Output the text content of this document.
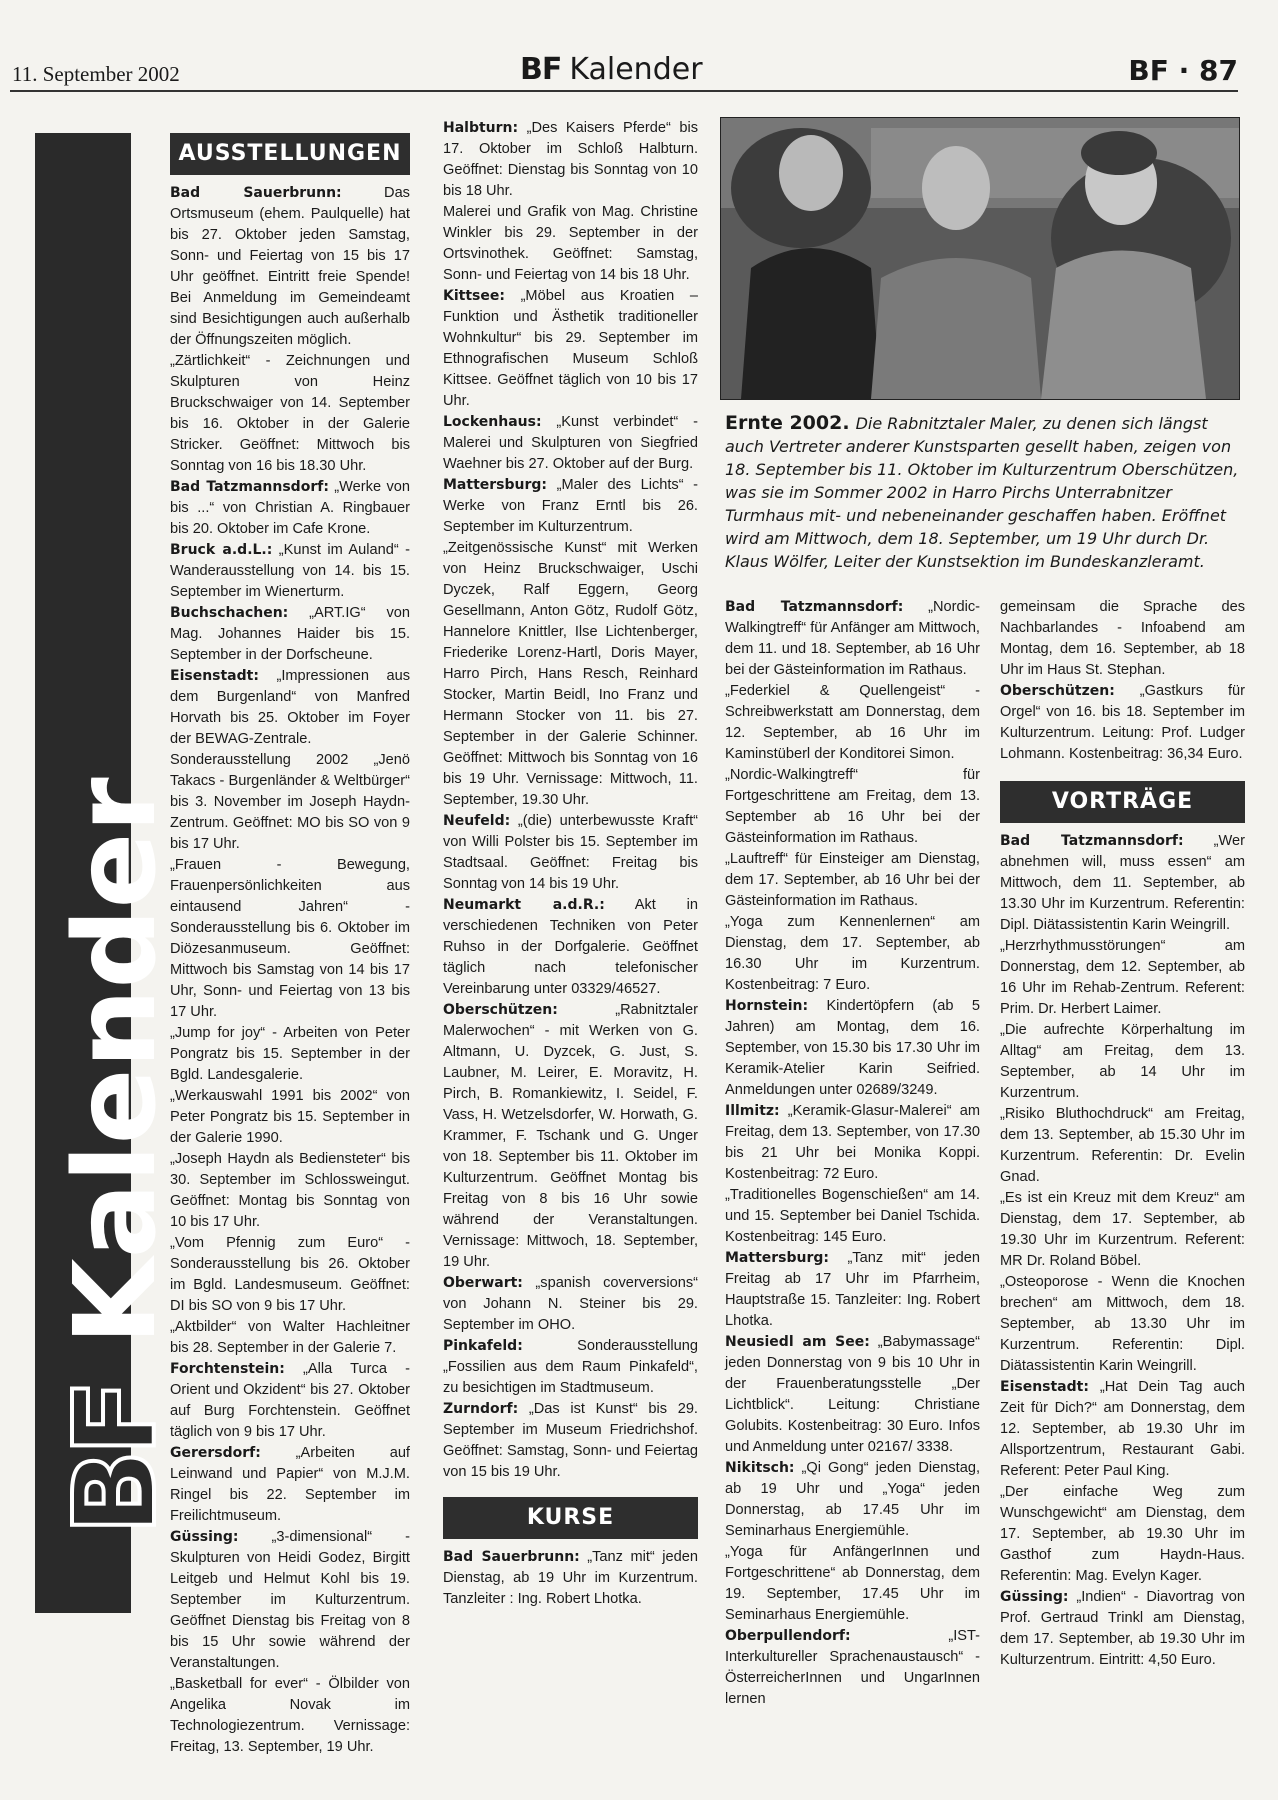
11. September 2002	BF Kalender	BF · 87
BFKalender
AUSSTELLUNGEN

Bad Sauerbrunn: Das Ortsmuseum (ehem. Paulquelle) hat bis 27. Oktober jeden Samstag, Sonn- und Feiertag von 15 bis 17 Uhr geöffnet. Eintritt freie Spende! Bei Anmeldung im Gemeindeamt sind Besichtigungen auch außerhalb der Öffnungszeiten möglich.

„Zärtlichkeit“ - Zeichnungen und Skulpturen von Heinz Bruckschwaiger von 14. September bis 16. Oktober in der Galerie Stricker. Geöffnet: Mittwoch bis Sonntag von 16 bis 18.30 Uhr.

Bad Tatzmannsdorf: „Werke von bis ...“ von Christian A. Ringbauer bis 20. Oktober im Cafe Krone.

Bruck a.d.L.: „Kunst im Auland“ - Wanderausstellung von 14. bis 15. September im Wienerturm.

Buchschachen: „ART.IG“ von Mag. Johannes Haider bis 15. September in der Dorfscheune.

Eisenstadt: „Impressionen aus dem Burgenland“ von Manfred Horvath bis 25. Oktober im Foyer der BEWAG-Zentrale.

Sonderausstellung 2002 „Jenö Takacs - Burgenländer & Weltbürger“ bis 3. November im Joseph Haydn-Zentrum. Geöffnet: MO bis SO von 9 bis 17 Uhr.

„Frauen - Bewegung, Frauenpersönlichkeiten aus eintausend Jahren“ - Sonderausstellung bis 6. Oktober im Diözesanmuseum. Geöffnet: Mittwoch bis Samstag von 14 bis 17 Uhr, Sonn- und Feiertag von 13 bis 17 Uhr.

„Jump for joy“ - Arbeiten von Peter Pongratz bis 15. September in der Bgld. Landesgalerie.

„Werkauswahl 1991 bis 2002“ von Peter Pongratz bis 15. September in der Galerie 1990.

„Joseph Haydn als Bediensteter“ bis 30. September im Schlossweingut. Geöffnet: Montag bis Sonntag von 10 bis 17 Uhr.

„Vom Pfennig zum Euro“ - Sonderausstellung bis 26. Oktober im Bgld. Landesmuseum. Geöffnet: DI bis SO von 9 bis 17 Uhr.

„Aktbilder“ von Walter Hachleitner bis 28. September in der Galerie 7.

Forchtenstein: „Alla Turca - Orient und Okzident“ bis 27. Oktober auf Burg Forchtenstein. Geöffnet täglich von 9 bis 17 Uhr.

Gerersdorf: „Arbeiten auf Leinwand und Papier“ von M.J.M. Ringel bis 22. September im Freilichtmuseum.

Güssing: „3-dimensional“ - Skulpturen von Heidi Godez, Birgitt Leitgeb und Helmut Kohl bis 19. September im Kulturzentrum. Geöffnet Dienstag bis Freitag von 8 bis 15 Uhr sowie während der Veranstaltungen.

„Basketball for ever“ - Ölbilder von Angelika Novak im Technologiezentrum. Vernissage: Freitag, 13. September, 19 Uhr.

Halbturn: „Des Kaisers Pferde“ bis 17. Oktober im Schloß Halbturn. Geöffnet: Dienstag bis Sonntag von 10 bis 18 Uhr.

Malerei und Grafik von Mag. Christine Winkler bis 29. September in der Ortsvinothek. Geöffnet: Samstag, Sonn- und Feiertag von 14 bis 18 Uhr.

Kittsee: „Möbel aus Kroatien – Funktion und Ästhetik traditioneller Wohnkultur“ bis 29. September im Ethnografischen Museum Schloß Kittsee. Geöffnet täglich von 10 bis 17 Uhr.

Lockenhaus: „Kunst verbindet“ - Malerei und Skulpturen von Siegfried Waehner bis 27. Oktober auf der Burg.

Mattersburg: „Maler des Lichts“ - Werke von Franz Erntl bis 26. September im Kulturzentrum.

„Zeitgenössische Kunst“ mit Werken von Heinz Bruckschwaiger, Uschi Dyczek, Ralf Eggern, Georg Gesellmann, Anton Götz, Rudolf Götz, Hannelore Knittler, Ilse Lichtenberger, Friederike Lorenz-Hartl, Doris Mayer, Harro Pirch, Hans Resch, Reinhard Stocker, Martin Beidl, Ino Franz und Hermann Stocker von 11. bis 27. September in der Galerie Schinner. Geöffnet: Mittwoch bis Sonntag von 16 bis 19 Uhr. Vernissage: Mittwoch, 11. September, 19.30 Uhr.

Neufeld: „(die) unterbewusste Kraft“ von Willi Polster bis 15. September im Stadtsaal. Geöffnet: Freitag bis Sonntag von 14 bis 19 Uhr.

Neumarkt a.d.R.: Akt in verschiedenen Techniken von Peter Ruhso in der Dorfgalerie. Geöffnet täglich nach telefonischer Vereinbarung unter 03329/46527.

Oberschützen: „Rabnitztaler Malerwochen“ - mit Werken von G. Altmann, U. Dyzcek, G. Just, S. Laubner, M. Leirer, E. Moravitz, H. Pirch, B. Romankiewitz, I. Seidel, F. Vass, H. Wetzelsdorfer, W. Horwath, G. Krammer, F. Tschank und G. Unger von 18. September bis 11. Oktober im Kulturzentrum. Geöffnet Montag bis Freitag von 8 bis 16 Uhr sowie während der Veranstaltungen. Vernissage: Mittwoch, 18. September, 19 Uhr.

Oberwart: „spanish coverversions“ von Johann N. Steiner bis 29. September im OHO.

Pinkafeld: Sonderausstellung „Fossilien aus dem Raum Pinkafeld“, zu besichtigen im Stadtmuseum.

Zurndorf: „Das ist Kunst“ bis 29. September im Museum Friedrichshof. Geöffnet: Samstag, Sonn- und Feiertag von 15 bis 19 Uhr.

KURSE

Bad Sauerbrunn: „Tanz mit“ jeden Dienstag, ab 19 Uhr im Kurzentrum. Tanzleiter : Ing. Robert Lhotka.

Ernte 2002. Die Rabnitztaler Maler, zu denen sich längst auch Vertreter anderer Kunstsparten gesellt haben, zeigen von 18. September bis 11. Oktober im Kulturzentrum Oberschützen, was sie im Sommer 2002 in Harro Pirchs Unterrabnitzer Turmhaus mit- und nebeneinander geschaffen haben. Eröffnet wird am Mittwoch, dem 18. September, um 19 Uhr durch Dr. Klaus Wölfer, Leiter der Kunstsektion im Bundeskanzleramt.

Bad Tatzmannsdorf: „Nordic-Walkingtreff“ für Anfänger am Mittwoch, dem 11. und 18. September, ab 16 Uhr bei der Gästeinformation im Rathaus.

„Federkiel & Quellengeist“ - Schreibwerkstatt am Donnerstag, dem 12. September, ab 16 Uhr im Kaminstüberl der Konditorei Simon.

„Nordic-Walkingtreff“ für Fortgeschrittene am Freitag, dem 13. September ab 16 Uhr bei der Gästeinformation im Rathaus.

„Lauftreff“ für Einsteiger am Dienstag, dem 17. September, ab 16 Uhr bei der Gästeinformation im Rathaus.

„Yoga zum Kennenlernen“ am Dienstag, dem 17. September, ab 16.30 Uhr im Kurzentrum. Kostenbeitrag: 7 Euro.

Hornstein: Kindertöpfern (ab 5 Jahren) am Montag, dem 16. September, von 15.30 bis 17.30 Uhr im Keramik-Atelier Karin Seifried. Anmeldungen unter 02689/3249.

Illmitz: „Keramik-Glasur-Malerei“ am Freitag, dem 13. September, von 17.30 bis 21 Uhr bei Monika Koppi. Kostenbeitrag: 72 Euro.

„Traditionelles Bogenschießen“ am 14. und 15. September bei Daniel Tschida. Kostenbeitrag: 145 Euro.

Mattersburg: „Tanz mit“ jeden Freitag ab 17 Uhr im Pfarrheim, Hauptstraße 15. Tanzleiter: Ing. Robert Lhotka.

Neusiedl am See: „Babymassage“ jeden Donnerstag von 9 bis 10 Uhr in der Frauenberatungsstelle „Der Lichtblick“. Leitung: Christiane Golubits. Kostenbeitrag: 30 Euro. Infos und Anmeldung unter 02167/ 3338.

Nikitsch: „Qi Gong“ jeden Dienstag, ab 19 Uhr und „Yoga“ jeden Donnerstag, ab 17.45 Uhr im Seminarhaus Energiemühle.

„Yoga für AnfängerInnen und Fortgeschrittene“ ab Donnerstag, dem 19. September, 17.45 Uhr im Seminarhaus Energiemühle.

Oberpullendorf: „IST- Interkultureller Sprachenaustausch“ - ÖsterreicherInnen und UngarInnen lernen

gemeinsam die Sprache des Nachbarlandes - Infoabend am Montag, dem 16. September, ab 18 Uhr im Haus St. Stephan.

Oberschützen: „Gastkurs für Orgel“ von 16. bis 18. September im Kulturzentrum. Leitung: Prof. Ludger Lohmann. Kostenbeitrag: 36,34 Euro.

VORTRÄGE

Bad Tatzmannsdorf: „Wer abnehmen will, muss essen“ am Mittwoch, dem 11. September, ab 13.30 Uhr im Kurzentrum. Referentin: Dipl. Diätassistentin Karin Weingrill.

„Herzrhythmusstörungen“ am Donnerstag, dem 12. September, ab 16 Uhr im Rehab-Zentrum. Referent: Prim. Dr. Herbert Laimer.

„Die aufrechte Körperhaltung im Alltag“ am Freitag, dem 13. September, ab 14 Uhr im Kurzentrum.

„Risiko Bluthochdruck“ am Freitag, dem 13. September, ab 15.30 Uhr im Kurzentrum. Referentin: Dr. Evelin Gnad.

„Es ist ein Kreuz mit dem Kreuz“ am Dienstag, dem 17. September, ab 19.30 Uhr im Kurzentrum. Referent: MR Dr. Roland Böbel.

„Osteoporose - Wenn die Knochen brechen“ am Mittwoch, dem 18. September, ab 13.30 Uhr im Kurzentrum. Referentin: Dipl. Diätassistentin Karin Weingrill.

Eisenstadt: „Hat Dein Tag auch Zeit für Dich?“ am Donnerstag, dem 12. September, ab 19.30 Uhr im Allsportzentrum, Restaurant Gabi. Referent: Peter Paul King.

„Der einfache Weg zum Wunschgewicht“ am Dienstag, dem 17. September, ab 19.30 Uhr im Gasthof zum Haydn-Haus. Referentin: Mag. Evelyn Kager.

Güssing: „Indien“ - Diavortrag von Prof. Gertraud Trinkl am Dienstag, dem 17. September, ab 19.30 Uhr im Kulturzentrum. Eintritt: 4,50 Euro.
